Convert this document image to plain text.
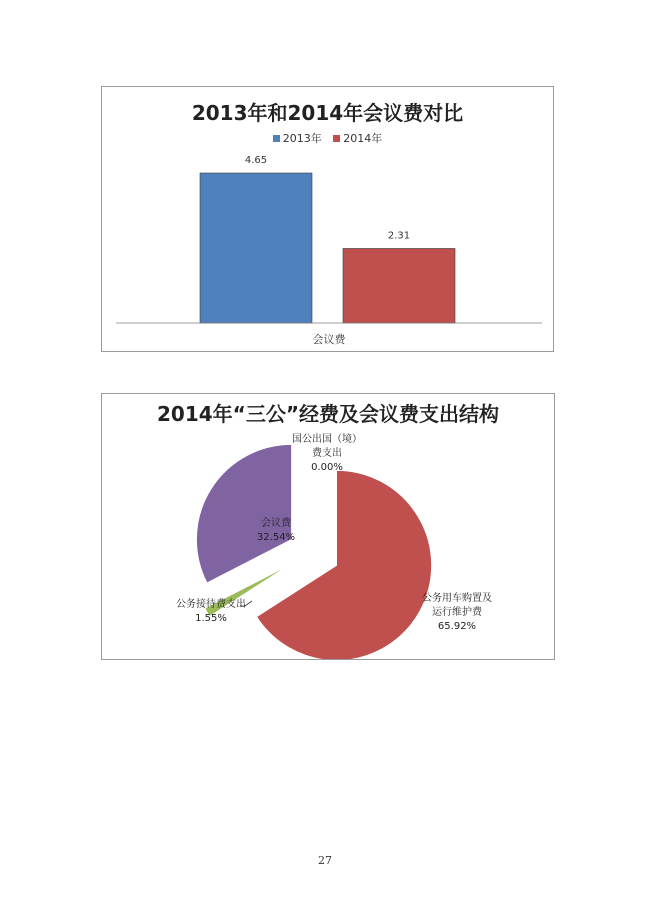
2013年和2014年会议费对比
2013年 2014年
4.65
2.31
会议费
2014年“三公”经费及会议费支出结构
国公出国（境）
费支出
0.00%
公务用车购置及
运行维护费
65.92%
公务接待费支出
1.55%
会议费
32.54%
27
